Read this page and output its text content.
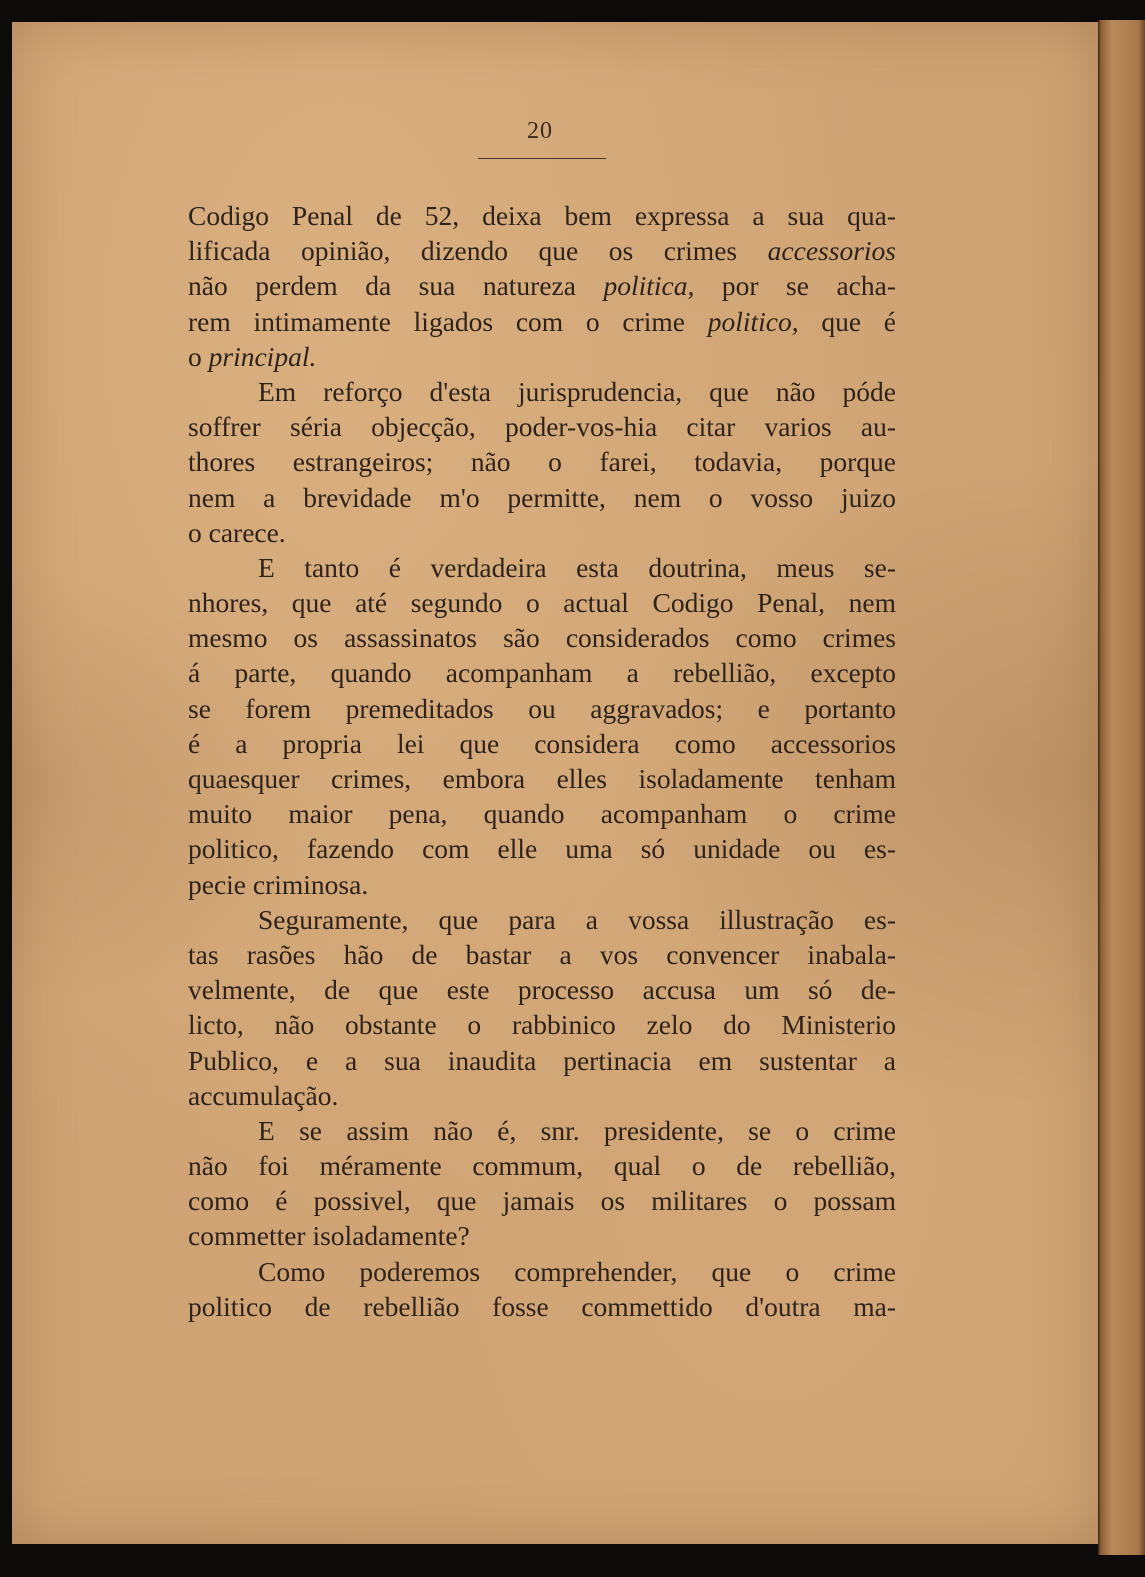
20
Codigo Penal de 52, deixa bem expressa a sua qua-
lificada opinião, dizendo que os crimes accessorios
não perdem da sua natureza politica, por se acha-
rem intimamente ligados com o crime politico, que é
o principal.
Em reforço d'esta jurisprudencia, que não póde
soffrer séria objecção, poder-vos-hia citar varios au-
thores estrangeiros; não o farei, todavia, porque
nem a brevidade m'o permitte, nem o vosso juizo
o carece.
E tanto é verdadeira esta doutrina, meus se-
nhores, que até segundo o actual Codigo Penal, nem
mesmo os assassinatos são considerados como crimes
á parte, quando acompanham a rebellião, excepto
se forem premeditados ou aggravados; e portanto
é a propria lei que considera como accessorios
quaesquer crimes, embora elles isoladamente tenham
muito maior pena, quando acompanham o crime
politico, fazendo com elle uma só unidade ou es-
pecie criminosa.
Seguramente, que para a vossa illustração es-
tas rasões hão de bastar a vos convencer inabala-
velmente, de que este processo accusa um só de-
licto, não obstante o rabbinico zelo do Ministerio
Publico, e a sua inaudita pertinacia em sustentar a
accumulação.
E se assim não é, snr. presidente, se o crime
não foi méramente commum, qual o de rebellião,
como é possivel, que jamais os militares o possam
commetter isoladamente?
Como poderemos comprehender, que o crime
politico de rebellião fosse commettido d'outra ma-
